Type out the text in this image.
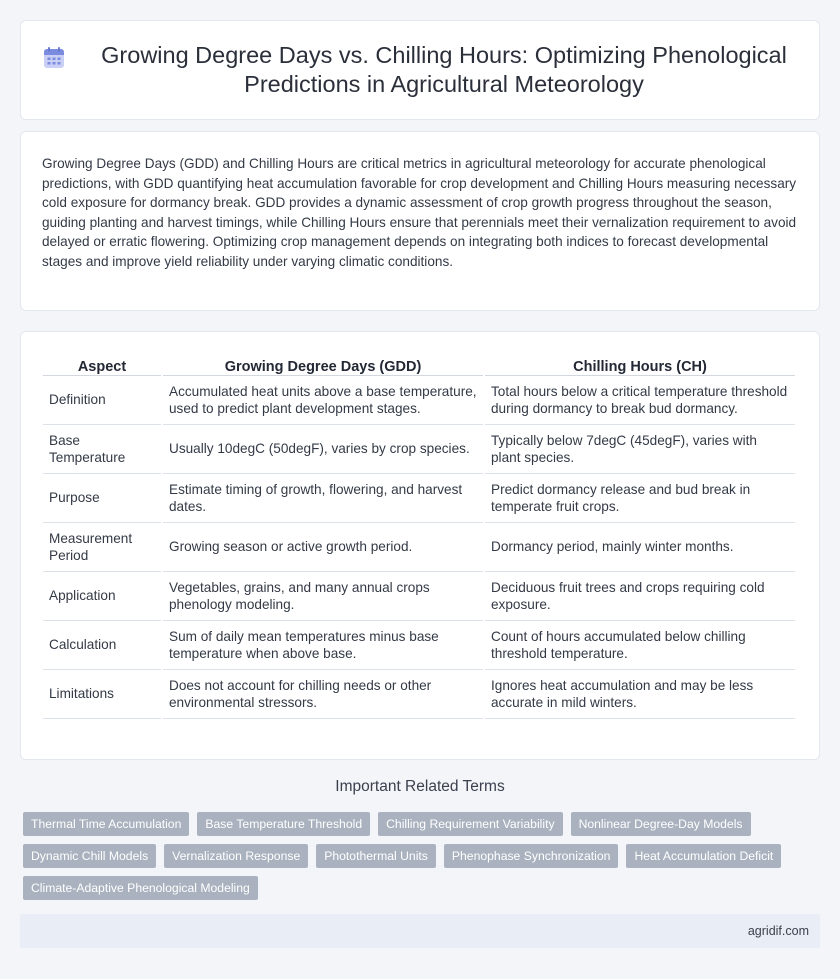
Growing Degree Days vs. Chilling Hours: Optimizing Phenological Predictions in Agricultural Meteorology

Growing Degree Days (GDD) and Chilling Hours are critical metrics in agricultural meteorology for accurate phenological predictions, with GDD quantifying heat accumulation favorable for crop development and Chilling Hours measuring necessary cold exposure for dormancy break. GDD provides a dynamic assessment of crop growth progress throughout the season, guiding planting and harvest timings, while Chilling Hours ensure that perennials meet their vernalization requirement to avoid delayed or erratic flowering. Optimizing crop management depends on integrating both indices to forecast developmental stages and improve yield reliability under varying climatic conditions.

Aspect	Growing Degree Days (GDD)	Chilling Hours (CH)
Definition	Accumulated heat units above a base temperature, used to predict plant development stages.	Total hours below a critical temperature threshold during dormancy to break bud dormancy.
Base Temperature	Usually 10degC (50degF), varies by crop species.	Typically below 7degC (45degF), varies with plant species.
Purpose	Estimate timing of growth, flowering, and harvest dates.	Predict dormancy release and bud break in temperate fruit crops.
Measurement Period	Growing season or active growth period.	Dormancy period, mainly winter months.
Application	Vegetables, grains, and many annual crops phenology modeling.	Deciduous fruit trees and crops requiring cold exposure.
Calculation	Sum of daily mean temperatures minus base temperature when above base.	Count of hours accumulated below chilling threshold temperature.
Limitations	Does not account for chilling needs or other environmental stressors.	Ignores heat accumulation and may be less accurate in mild winters.
Important Related Terms
Thermal Time Accumulation	Base Temperature Threshold	Chilling Requirement Variability	Nonlinear Degree-Day Models
Dynamic Chill Models	Vernalization Response	Photothermal Units	Phenophase Synchronization	Heat Accumulation Deficit
Climate-Adaptive Phenological Modeling
agridif.com
